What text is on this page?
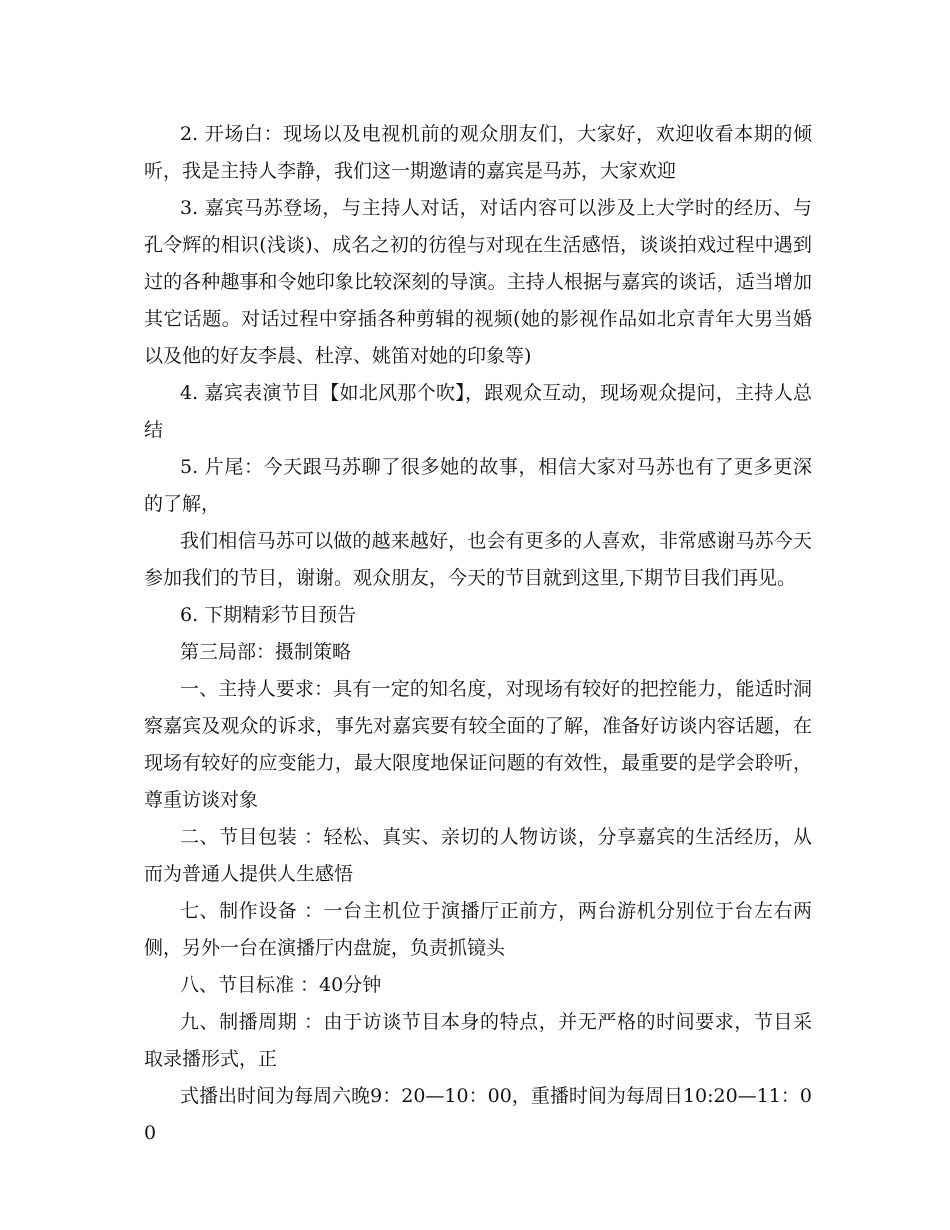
2. 开场白：现场以及电视机前的观众朋友们，大家好，欢迎收看本期的倾听，我是主持人李静，我们这一期邀请的嘉宾是马苏，大家欢迎

3. 嘉宾马苏登场，与主持人对话，对话内容可以涉及上大学时的经历、与孔令辉的相识(浅谈)、成名之初的彷徨与对现在生活感悟，谈谈拍戏过程中遇到过的各种趣事和令她印象比较深刻的导演。主持人根据与嘉宾的谈话，适当增加其它话题。对话过程中穿插各种剪辑的视频(她的影视作品如北京青年大男当婚以及他的好友李晨、杜淳、姚笛对她的印象等)

4. 嘉宾表演节目【如北风那个吹】，跟观众互动，现场观众提问，主持人总结

5. 片尾：今天跟马苏聊了很多她的故事，相信大家对马苏也有了更多更深的了解，

我们相信马苏可以做的越来越好，也会有更多的人喜欢，非常感谢马苏今天参加我们的节目，谢谢。观众朋友，今天的节目就到这里,下期节目我们再见。

6. 下期精彩节目预告

第三局部：摄制策略

一、主持人要求：具有一定的知名度，对现场有较好的把控能力，能适时洞察嘉宾及观众的诉求，事先对嘉宾要有较全面的了解，准备好访谈内容话题，在现场有较好的应变能力，最大限度地保证问题的有效性，最重要的是学会聆听，尊重访谈对象

二、节目包装 ：轻松、真实、亲切的人物访谈，分享嘉宾的生活经历，从而为普通人提供人生感悟

七、制作设备 ：一台主机位于演播厅正前方，两台游机分别位于台左右两侧，另外一台在演播厅内盘旋，负责抓镜头

八、节目标准 ：40分钟

九、制播周期 ：由于访谈节目本身的特点，并无严格的时间要求，节目采取录播形式，正

式播出时间为每周六晚9：20—10：00，重播时间为每周日10:20—11：00
